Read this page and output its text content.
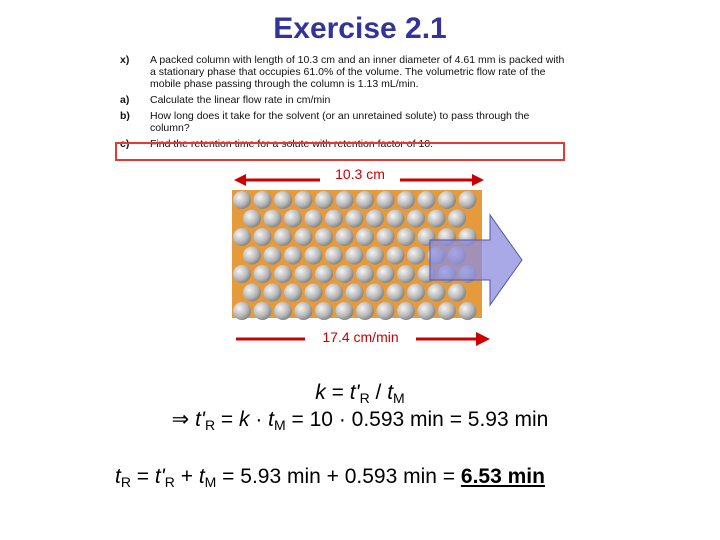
Exercise 2.1
x)	A packed column with length of 10.3 cm and an inner diameter of 4.61 mm is packed with a stationary phase that occupies 61.0% of the volume. The volumetric flow rate of the mobile phase passing through the column is 1.13 mL/min.
a)	Calculate the linear flow rate in cm/min
b)	How long does it take for the solvent (or an unretained solute) to pass through the column?
c)	Find the retention time for a solute with retention factor of 10.
10.3 cm
17.4 cm/min
$k = t'_R / t_M$
⇒ $t'_R = k \cdot t_M = 10 \cdot 0.593$ min = 5.93 min
$t_R = t'_R + t_M = 5.93$ min + 0.593 min = 6.53 min
